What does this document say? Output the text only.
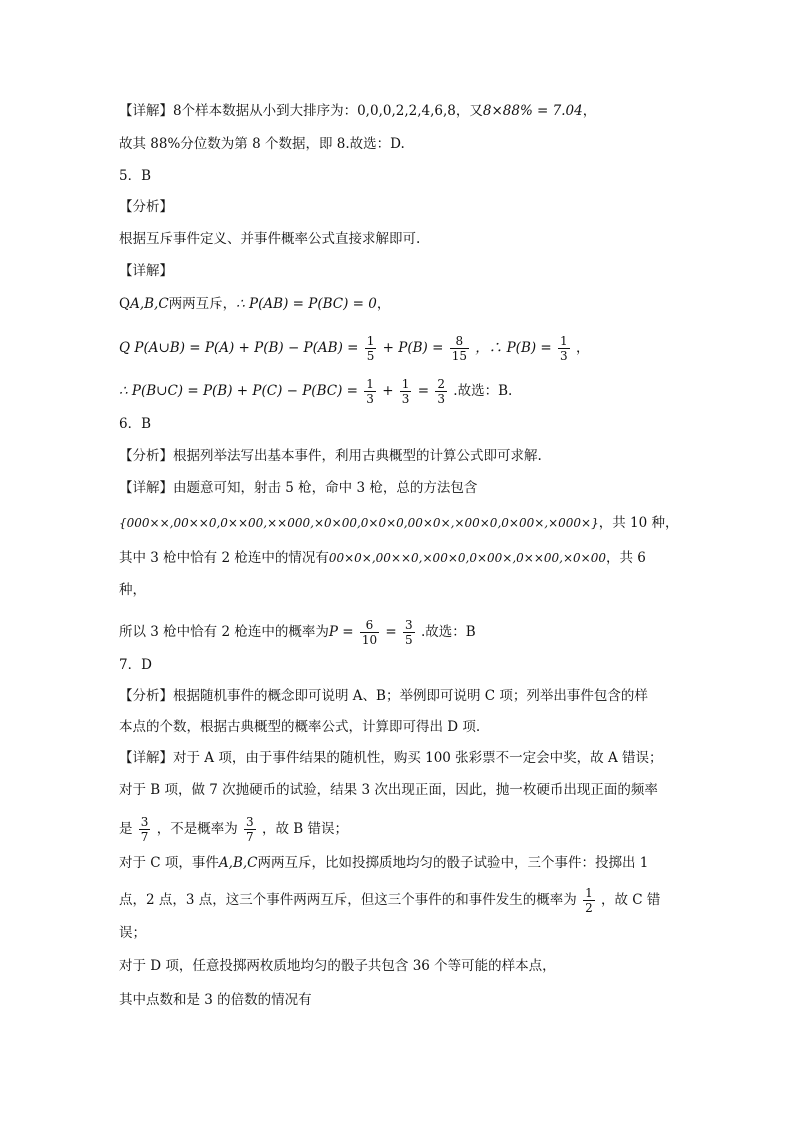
【详解】8个样本数据从小到大排序为：0,0,0,2,2,4,6,8，又8×88% = 7.04，
故其 88%分位数为第 8 个数据，即 8.故选：D.
5．B
【分析】
根据互斥事件定义、并事件概率公式直接求解即可.
【详解】
QA,B,C两两互斥，∴ P(AB) = P(BC) = 0，
Q P(A∪B) = $P(A) + P(B) - P(AB) = \frac{1}{5} + P(B) = \frac{8}{15}$ ，∴ $P(B) = \frac{1}{3}$ ，
∴ P(B∪C) = $P(B) + P(C) - P(BC) = \frac{1}{3} + \frac{1}{3} = \frac{2}{3}$ .故选：B.
6．B
【分析】根据列举法写出基本事件，利用古典概型的计算公式即可求解.
【详解】由题意可知，射击 5 枪，命中 3 枪，总的方法包含
{000××,00××0,0××00,××000,×0×00,0×0×0,00×0×,×00×0,0×00×,×000×}，共 10 种，
其中 3 枪中恰有 2 枪连中的情况有00×0×,00××0,×00×0,0×00×,0××00,×0×00，共 6
种，
所以 3 枪中恰有 2 枪连中的概率为$P = \frac{6}{10} = \frac{3}{5}$ .故选：B
7．D
【分析】根据随机事件的概念即可说明 A、B；举例即可说明 C 项；列举出事件包含的样
本点的个数，根据古典概型的概率公式，计算即可得出 D 项.
【详解】对于 A 项，由于事件结果的随机性，购买 100 张彩票不一定会中奖，故 A 错误；
对于 B 项，做 7 次抛硬币的试验，结果 3 次出现正面，因此，抛一枚硬币出现正面的频率
是 $\frac{3}{7}$ ，不是概率为 $\frac{3}{7}$ ，故 B 错误；
对于 C 项，事件A,B,C两两互斥，比如投掷质地均匀的骰子试验中，三个事件：投掷出 1
点，2 点，3 点，这三个事件两两互斥，但这三个事件的和事件发生的概率为 $\frac{1}{2}$ ，故 C 错
误；
对于 D 项，任意投掷两枚质地均匀的骰子共包含 36 个等可能的样本点，
其中点数和是 3 的倍数的情况有
